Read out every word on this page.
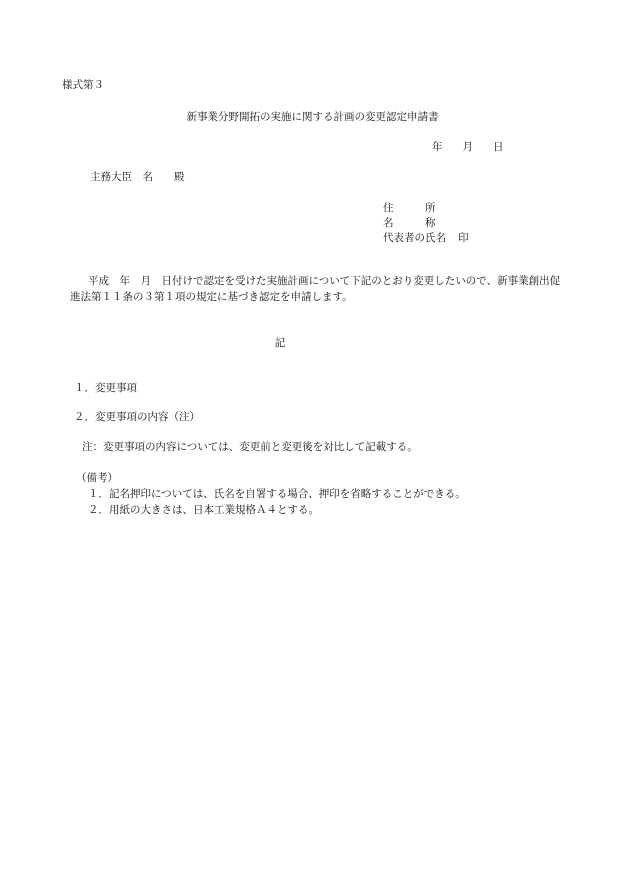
様式第３
新事業分野開拓の実施に関する計画の変更認定申請書
年 月 日
主務大臣　名　　殿
住　　　所
名　　　称
代表者の氏名 印
平成　年　月　日付けで認定を受けた実施計画について下記のとおり変更したいので、新事業創出促進法第１１条の３第１項の規定に基づき認定を申請します。
記
１．変更事項
２．変更事項の内容（注）
注：変更事項の内容については、変更前と変更後を対比して記載する。
（備考）
１．記名押印については、氏名を自署する場合、押印を省略することができる。
２．用紙の大きさは、日本工業規格Ａ４とする。
